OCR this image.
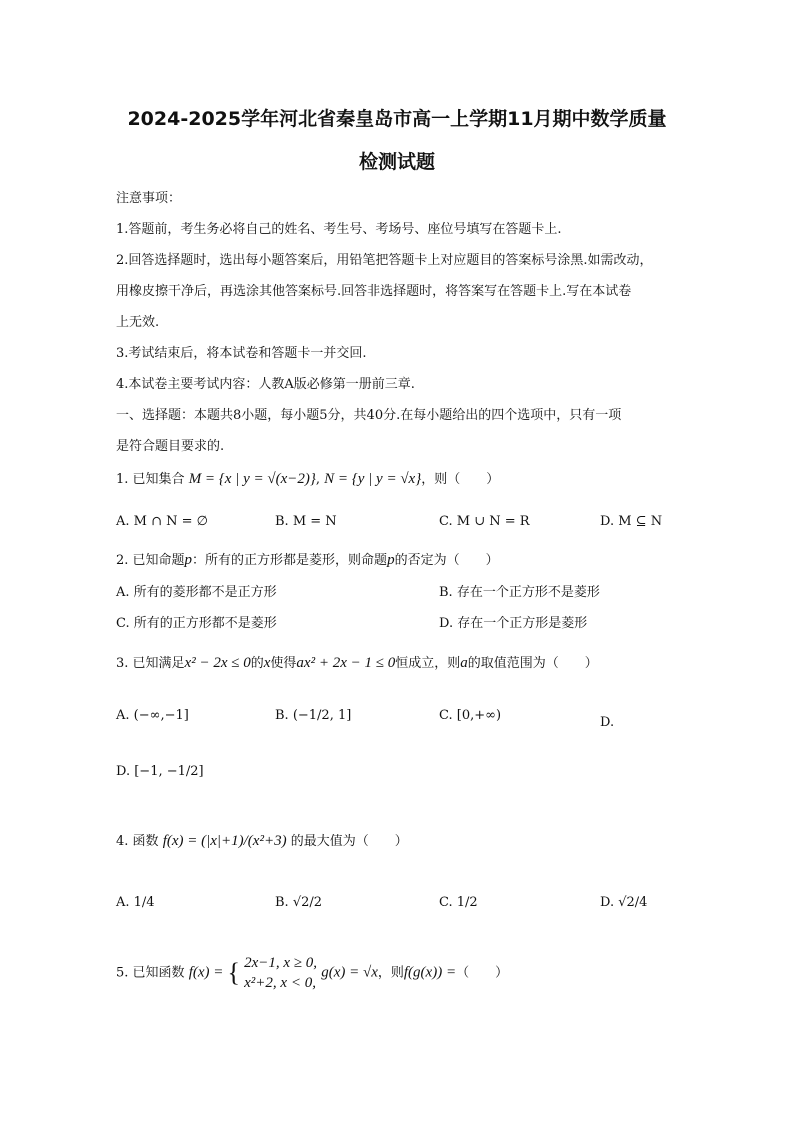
2024-2025学年河北省秦皇岛市高一上学期11月期中数学质量
检测试题
注意事项：
1.答题前，考生务必将自己的姓名、考生号、考场号、座位号填写在答题卡上.
2.回答选择题时，选出每小题答案后，用铅笔把答题卡上对应题目的答案标号涂黑.如需改动，
用橡皮擦干净后，再选涂其他答案标号.回答非选择题时，将答案写在答题卡上.写在本试卷
上无效.
3.考试结束后，将本试卷和答题卡一并交回.
4.本试卷主要考试内容：人教A版必修第一册前三章.
一、选择题：本题共8小题，每小题5分，共40分.在每小题给出的四个选项中，只有一项
是符合题目要求的.
1. 已知集合 M = {x | y = √(x−2)}, N = {y | y = √x}，则（　　）
A. M ∩ N = ∅	B. M = N	C. M ∪ N = R	D. M ⊆ N
2. 已知命题p：所有的正方形都是菱形，则命题p的否定为（　　）
A. 所有的菱形都不是正方形	B. 存在一个正方形不是菱形
C. 所有的正方形都不是菱形	D. 存在一个正方形是菱形
3. 已知满足x² − 2x ≤ 0的x使得ax² + 2x − 1 ≤ 0恒成立，则a的取值范围为（　　）
A. (−∞,−1]	B. (−1/2, 1]	C. [0,+∞)	D.
D. [−1, −1/2]
4. 函数 f(x) = (|x|+1)/(x²+3) 的最大值为（　　）
A. 1/4	B. √2/2	C. 1/2	D. √2/4
5. 已知函数 f(x) = { 2x−1, x ≥ 0,
x²+2, x < 0,
g(x) = √x，则f(g(x)) =（　　）
